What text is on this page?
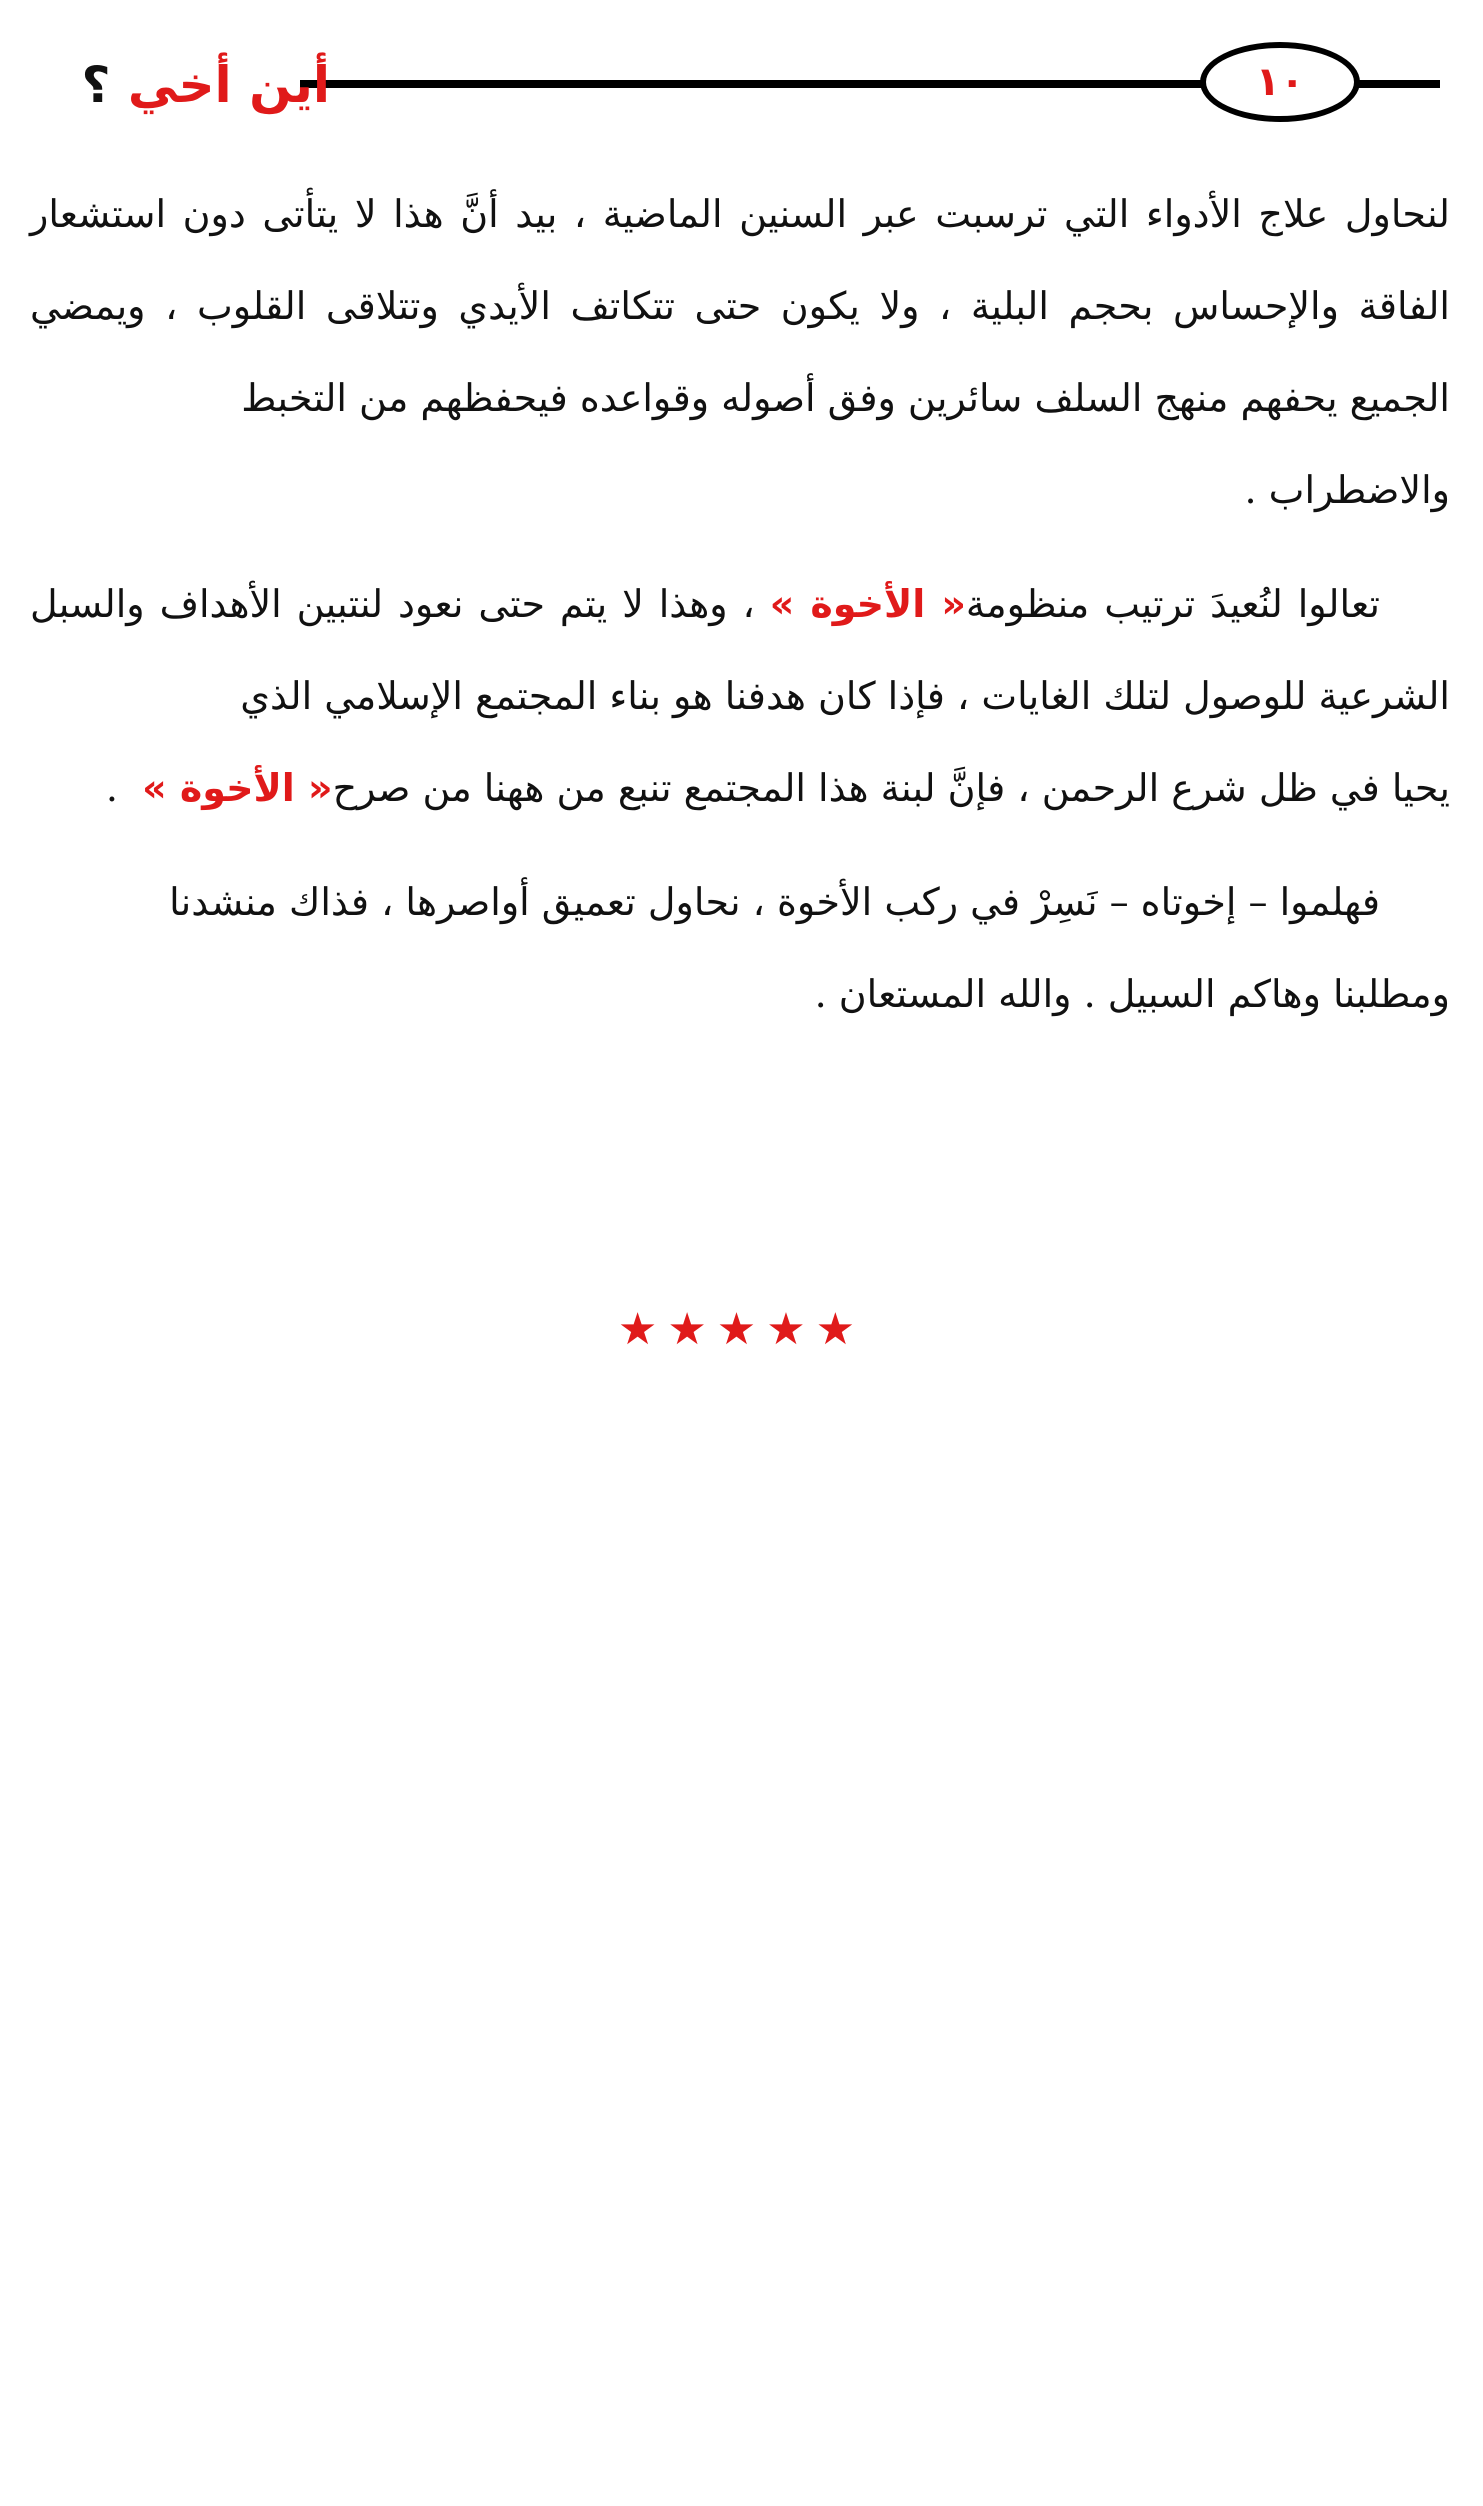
١٠
أين أخي ؟

لنحاول علاج الأدواء التي ترسبت عبر السنين الماضية ، بيد أنَّ هذا لا يتأتى دون استشعار الفاقة والإحساس بحجم البلية ، ولا يكون حتى تتكاتف الأيدي وتتلاقى القلوب ، ويمضي الجميع يحفهم منهج السلف سائرين وفق أصوله وقواعده فيحفظهم من التخبط
والاضطراب .

تعالوا لنُعيدَ ترتيب منظومة« الأخوة » ، وهذا لا يتم حتى نعود لنتبين الأهداف والسبل الشرعية للوصول لتلك الغايات ، فإذا كان هدفنا هو بناء المجتمع الإسلامي الذي
يحيا في ظل شرع الرحمن ، فإنَّ لبنة هذا المجتمع تنبع من ههنا من صرح« الأخوة »  .

فهلموا – إخوتاه – نَسِرْ في ركب الأخوة ، نحاول تعميق أواصرها ، فذاك منشدنا
ومطلبنا وهاكم السبيل . والله المستعان .

★★★★★
